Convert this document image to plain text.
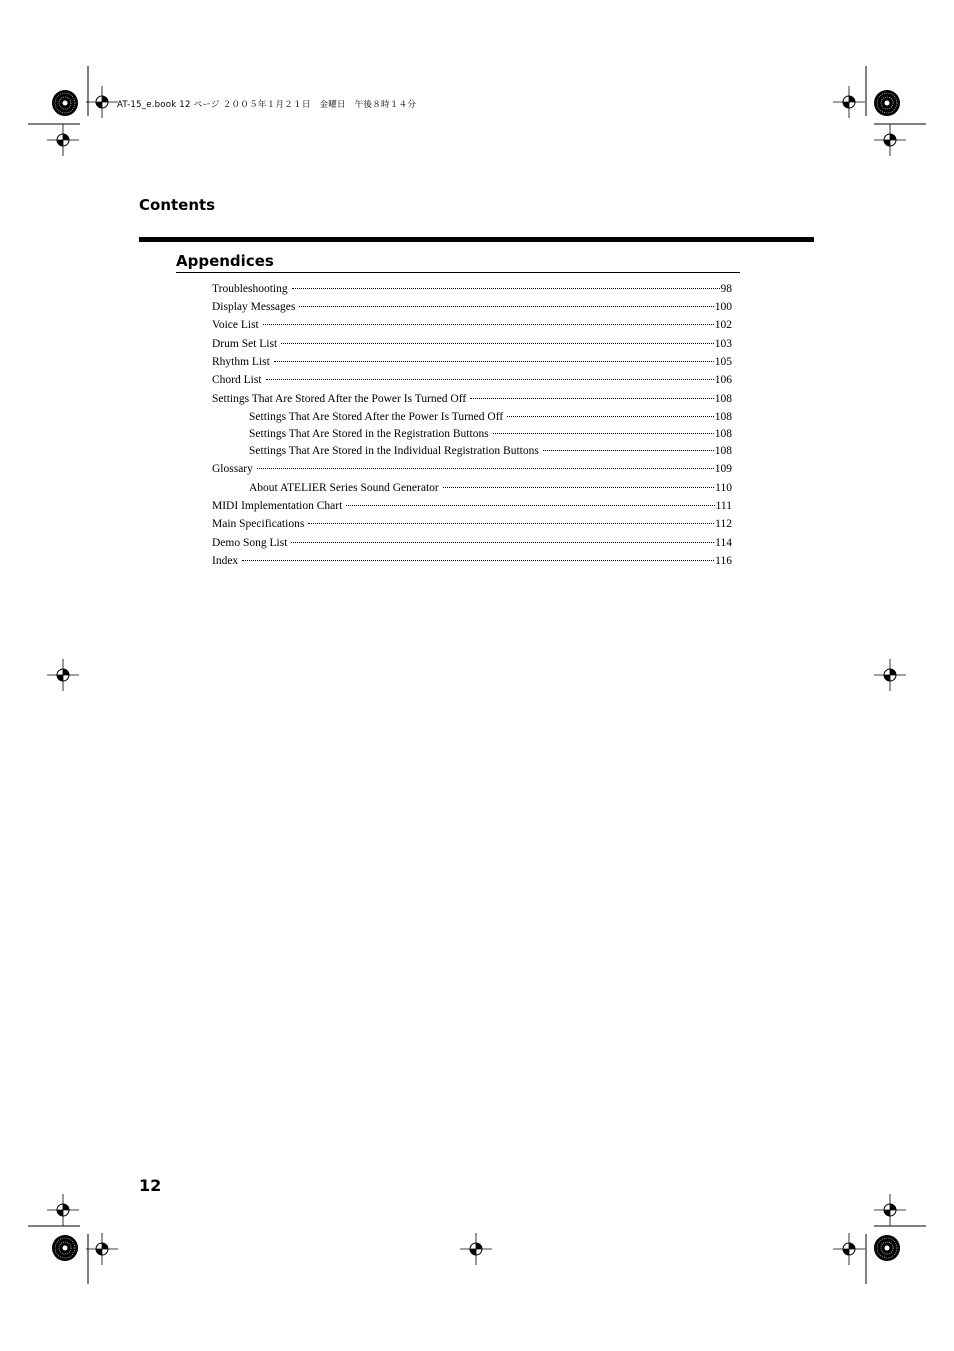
AT-15_e.book 12 ページ ２００５年１月２１日　金曜日　午後８時１４分
Contents
Appendices
Troubleshooting	98
Display Messages	100
Voice List	102
Drum Set List	103
Rhythm List	105
Chord List	106
Settings That Are Stored After the Power Is Turned Off	108
Settings That Are Stored After the Power Is Turned Off	108
Settings That Are Stored in the Registration Buttons	108
Settings That Are Stored in the Individual Registration Buttons	108
Glossary	109
About ATELIER Series Sound Generator	110
MIDI Implementation Chart	111
Main Specifications	112
Demo Song List	114
Index	116
12
